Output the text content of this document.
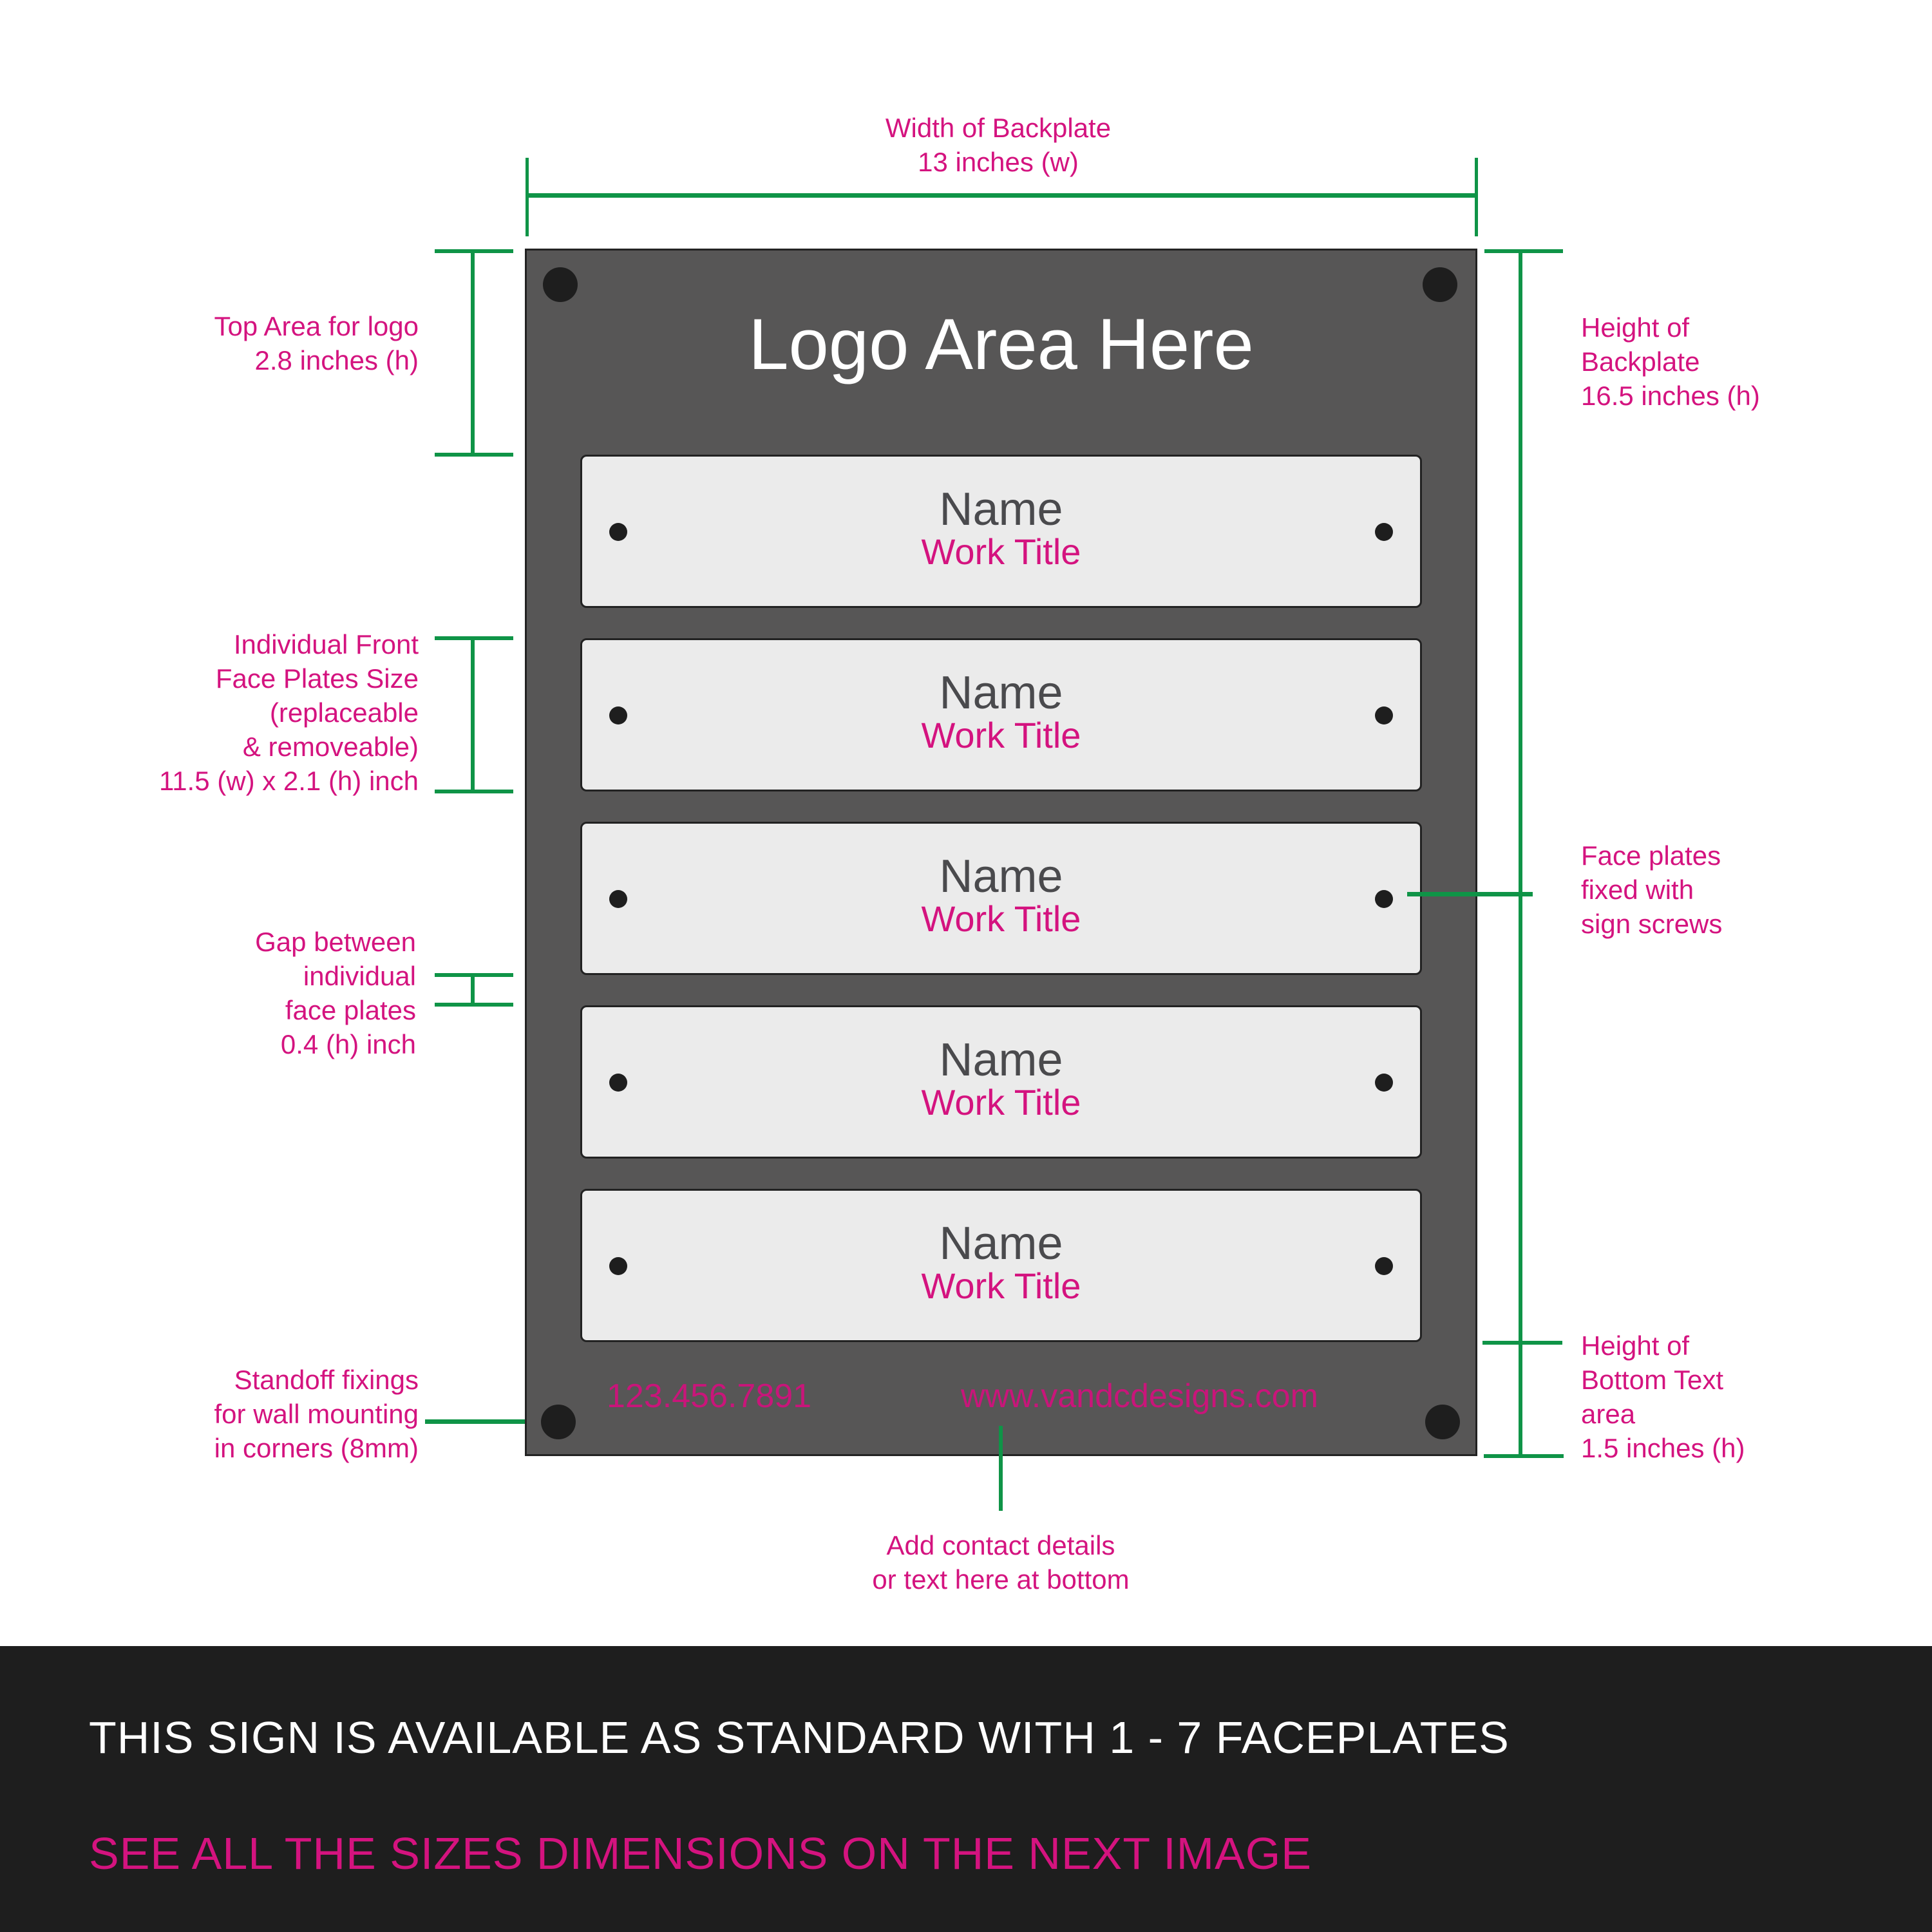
Width of Backplate
13 inches (w)
Top Area for logo
2.8 inches (h)
Individual Front
Face Plates Size
(replaceable
& removeable)
11.5 (w) x 2.1 (h) inch
Gap between
individual
face plates
0.4 (h) inch
Standoff fixings
for wall mounting
in corners (8mm)
Logo Area Here
Name
Work Title
Name
Work Title
Name
Work Title
Name
Work Title
Name
Work Title
123.456.7891	www.vandcdesigns.com
Height of
Backplate
16.5 inches (h)
Face plates
fixed with
sign screws
Height of
Bottom Text
area
1.5 inches (h)
Add contact details
or text here at bottom
THIS SIGN IS AVAILABLE AS STANDARD WITH 1 - 7 FACEPLATES
SEE ALL THE SIZES DIMENSIONS ON THE NEXT IMAGE
